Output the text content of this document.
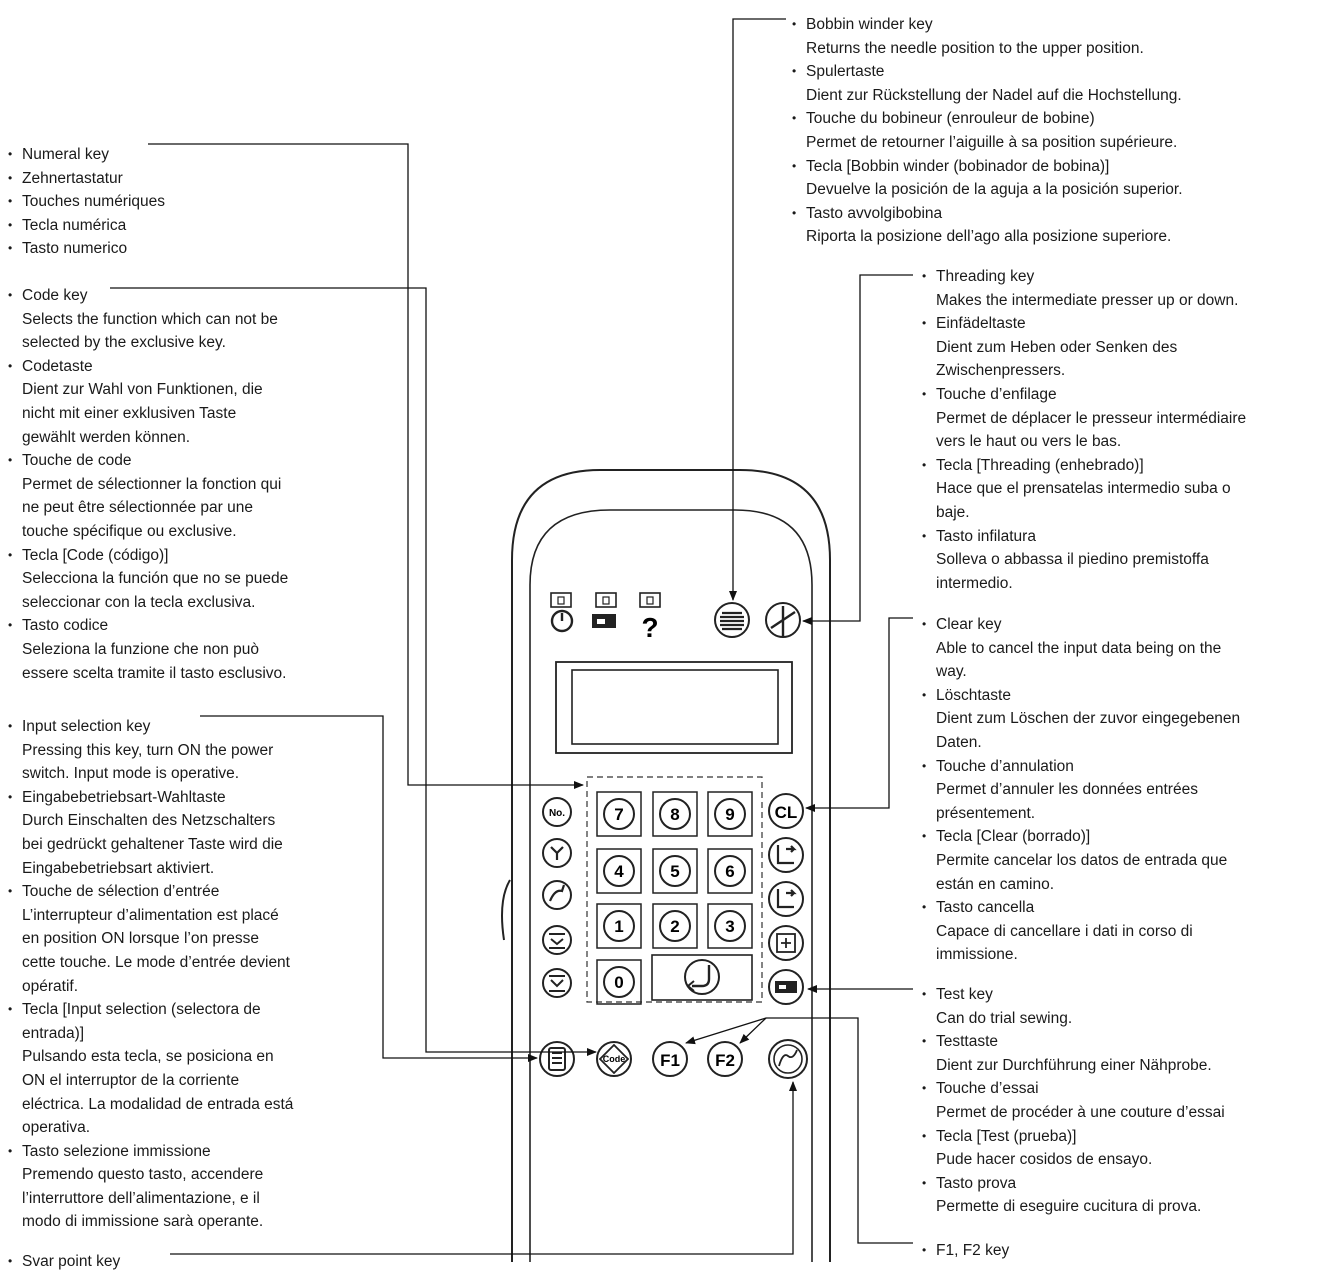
• Numeral key
• Zehnertastatur
• Touches numériques
• Tecla numérica
• Tasto numerico
• Code key
Selects the function which can not be
selected by the exclusive key.
• Codetaste
Dient zur Wahl von Funktionen, die
nicht mit einer exklusiven Taste
gewählt werden können.
• Touche de code
Permet de sélectionner la fonction qui
ne peut être sélectionnée par une
touche spécifique ou exclusive.
• Tecla [Code (código)]
Selecciona la función que no se puede
seleccionar con la tecla exclusiva.
• Tasto codice
Seleziona la funzione che non può
essere scelta tramite il tasto esclusivo.
• Input selection key
Pressing this key, turn ON the power
switch. Input mode is operative.
• Eingabebetriebsart-Wahltaste
Durch Einschalten des Netzschalters
bei gedrückt gehaltener Taste wird die
Eingabebetriebsart aktiviert.
• Touche de sélection d’entrée
L’interrupteur d’alimentation est placé
en position ON lorsque l’on presse
cette touche. Le mode d’entrée devient
opératif.
• Tecla [Input selection (selectora de
entrada)]
Pulsando esta tecla, se posiciona en
ON el interruptor de la corriente
eléctrica. La modalidad de entrada está
operativa.
• Tasto selezione immissione
Premendo questo tasto, accendere
l’interruttore dell’alimentazione, e il
modo di immissione sarà operante.
• Svar point key
• Bobbin winder key
Returns the needle position to the upper position.
• Spulertaste
Dient zur Rückstellung der Nadel auf die Hochstellung.
• Touche du bobineur (enrouleur de bobine)
Permet de retourner l’aiguille à sa position supérieure.
• Tecla [Bobbin winder (bobinador de bobina)]
Devuelve la posición de la aguja a la posición superior.
• Tasto avvolgibobina
Riporta la posizione dell’ago alla posizione superiore.
• Threading key
Makes the intermediate presser up or down.
• Einfädeltaste
Dient zum Heben oder Senken des
Zwischenpressers.
• Touche d’enfilage
Permet de déplacer le presseur intermédiaire
vers le haut ou vers le bas.
• Tecla [Threading (enhebrado)]
Hace que el prensatelas intermedio suba o
baje.
• Tasto infilatura
Solleva o abbassa il piedino premistoffa
intermedio.
• Clear key
Able to cancel the input data being on the
way.
• Löschtaste
Dient zum Löschen der zuvor eingegebenen
Daten.
• Touche d’annulation
Permet d’annuler les données entrées
présentement.
• Tecla [Clear (borrado)]
Permite cancelar los datos de entrada que
están en camino.
• Tasto cancella
Capace di cancellare i dati in corso di
immissione.
• Test key
Can do trial sewing.
• Testtaste
Dient zur Durchführung einer Nähprobe.
• Touche d’essai
Permet de procéder à une couture d’essai
• Tecla [Test (prueba)]
Pude hacer cosidos de ensayo.
• Tasto prova
Permette di eseguire cucitura di prova.
• F1, F2 key
?
7	8	9
4	5	6
1	2	3
0
No.	CL
Code F1 F2
